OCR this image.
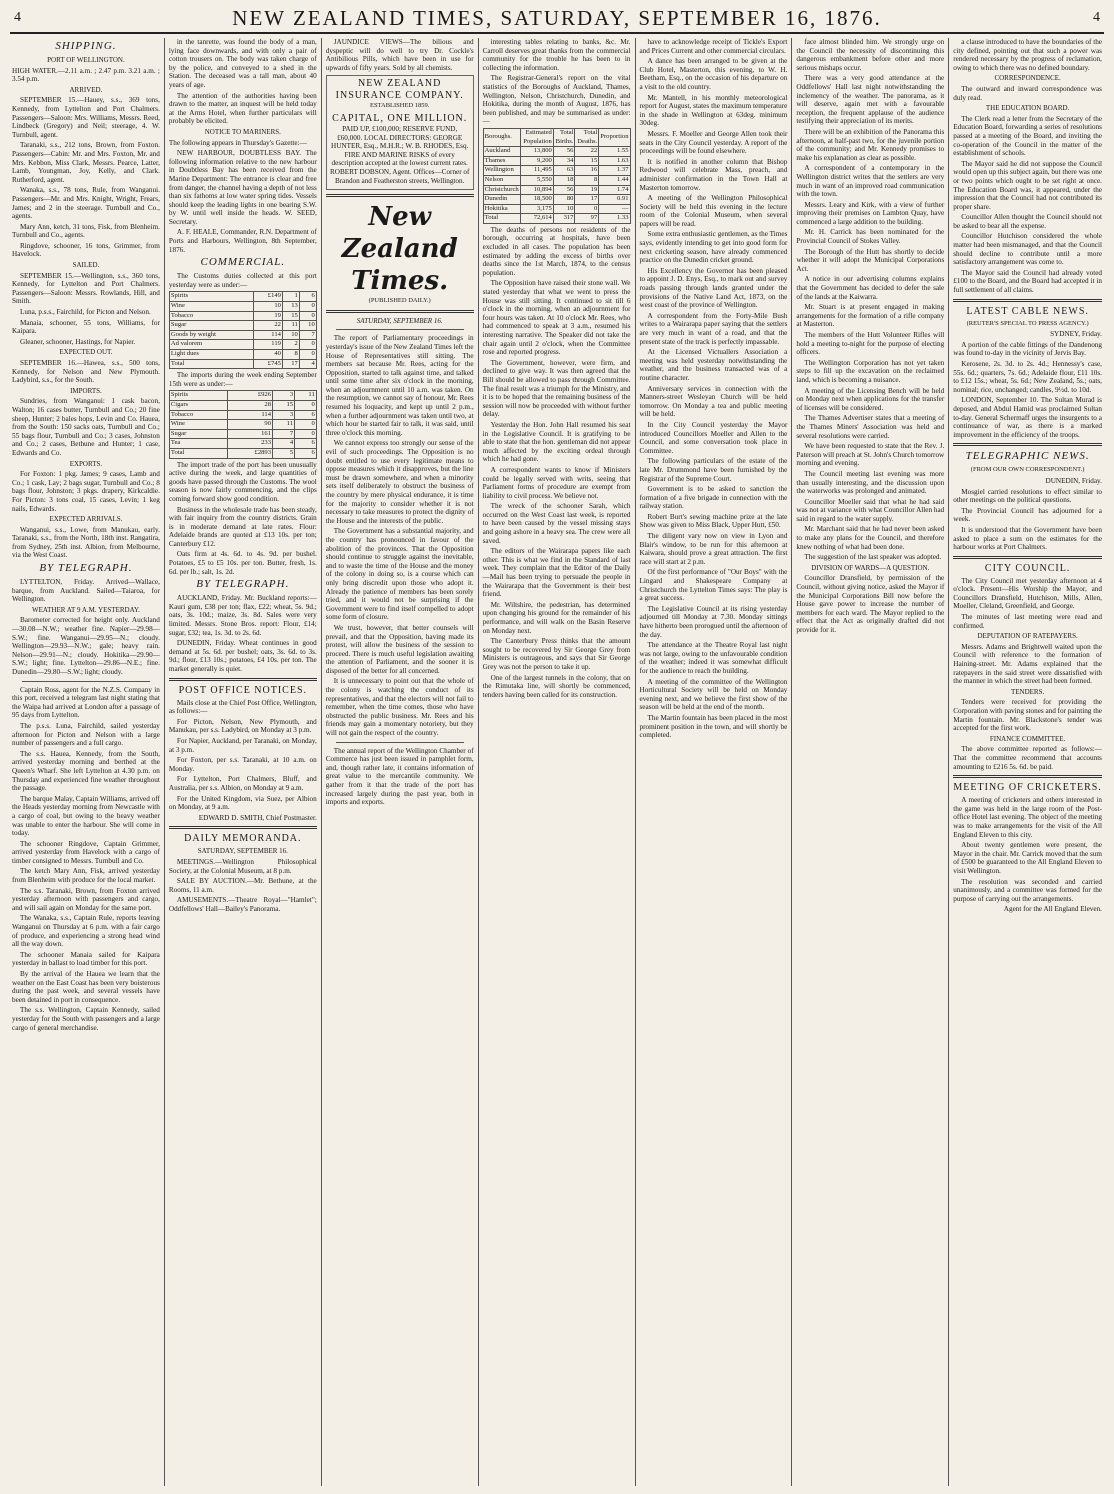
4	NEW ZEALAND TIMES, SATURDAY, SEPTEMBER 16, 1876.	4
SHIPPING.
PORT OF WELLINGTON.

HIGH WATER.—2.11 a.m. ; 2.47 p.m. 3.21 a.m. ; 3.54 p.m.

ARRIVED.

SEPTEMBER 15.—Hauey, s.s., 369 tons, Kennedy, from Lyttelton and Port Chalmers. Passengers—Saloon: Mrs. Williams, Messrs. Reed, Lindbeck (Gregory) and Neil; steerage, 4. W. Turnbull, agent.

Taranaki, s.s., 212 tons, Brown, from Foxton. Passengers—Cabin: Mr. and Mrs. Foxton, Mr. and Mrs. Kebbon, Miss Clark, Messrs. Pearce, Latter, Lamb, Youngman, Joy, Kelly, and Clark. Rutherford, agent.

Wanaka, s.s., 78 tons, Rule, from Wanganui. Passengers—Mr. and Mrs. Knight, Wright, Frears, James; and 2 in the steerage. Turnbull and Co., agents.

Mary Ann, ketch, 31 tons, Fisk, from Blenheim. Turnbull and Co., agents.

Ringdove, schooner, 16 tons, Grimmer, from Havelock.

SAILED.

SEPTEMBER 15.—Wellington, s.s., 360 tons, Kennedy, for Lyttelton and Port Chalmers. Passengers—Saloon: Messrs. Rowlands, Hill, and Smith.

Luna, p.s.s., Fairchild, for Picton and Nelson.

Manaia, schooner, 55 tons, Williams, for Kaipara.

Gleaner, schooner, Hastings, for Napier.

EXPECTED OUT.

SEPTEMBER 16.—Hawea, s.s., 500 tons, Kennedy, for Nelson and New Plymouth. Ladybird, s.s., for the South.

IMPORTS.

Sundries, from Wanganui: 1 cask bacon, Walton; 16 cases butter, Turnbull and Co.; 20 fine sheep, Hunter; 2 bales hops, Levin and Co. Hauea, from the South: 150 sacks oats, Turnbull and Co.; 55 bags flour, Turnbull and Co.; 3 cases, Johnston and Co.; 2 cases, Bethune and Hunter; 1 case, Edwards and Co.

EXPORTS.

For Foxton: 1 pkg. James; 9 cases, Lamb and Co.; 1 cask, Lay; 2 bags sugar, Turnbull and Co.; 8 bags flour, Johnston; 3 pkgs. drapery, Kirkcaldie. For Picton: 3 tons coal, 15 cases, Levin; 1 keg nails, Edwards.

EXPECTED ARRIVALS.

Wanganui, s.s., Lowe, from Manukau, early. Taranaki, s.s., from the North, 18th inst. Rangatira, from Sydney, 25th inst. Albion, from Melbourne, via the West Coast.

BY TELEGRAPH.

LYTTELTON, Friday. Arrived—Wallace, barque, from Auckland. Sailed—Taiaroa, for Wellington.

WEATHER AT 9 A.M. YESTERDAY.

Barometer corrected for height only. Auckland—30.08—N.W.; weather fine. Napier—29.98—S.W.; fine. Wanganui—29.95—N.; cloudy. Wellington—29.93—N.W.; gale; heavy rain. Nelson—29.91—N.; cloudy. Hokitika—29.90—S.W.; light; fine. Lyttelton—29.86—N.E.; fine. Dunedin—29.80—S.W.; light; cloudy.

Captain Ross, agent for the N.Z.S. Company in this port, received a telegram last night stating that the Waipa had arrived at London after a passage of 95 days from Lyttelton.

The p.s.s. Luna, Fairchild, sailed yesterday afternoon for Picton and Nelson with a large number of passengers and a full cargo.

The s.s. Hauea, Kennedy, from the South, arrived yesterday morning and berthed at the Queen's Wharf. She left Lyttelton at 4.30 p.m. on Thursday and experienced fine weather throughout the passage.

The barque Malay, Captain Williams, arrived off the Heads yesterday morning from Newcastle with a cargo of coal, but owing to the heavy weather was unable to enter the harbour. She will come in today.

The schooner Ringdove, Captain Grimmer, arrived yesterday from Havelock with a cargo of timber consigned to Messrs. Turnbull and Co.

The ketch Mary Ann, Fisk, arrived yesterday from Blenheim with produce for the local market.

The s.s. Taranaki, Brown, from Foxton arrived yesterday afternoon with passengers and cargo, and will sail again on Monday for the same port.

The Wanaka, s.s., Captain Rule, reports leaving Wanganui on Thursday at 6 p.m. with a fair cargo of produce, and experiencing a strong head wind all the way down.

The schooner Manaia sailed for Kaipara yesterday in ballast to load timber for this port.

By the arrival of the Hauea we learn that the weather on the East Coast has been very boisterous during the past week, and several vessels have been detained in port in consequence.

The s.s. Wellington, Captain Kennedy, sailed yesterday for the South with passengers and a large cargo of general merchandise.

in the tanrette, was found the body of a man, lying face downwards, and with only a pair of cotton trousers on. The body was taken charge of by the police, and conveyed to a shed in the Station. The deceased was a tall man, about 40 years of age.

The attention of the authorities having been drawn to the matter, an inquest will be held today at the Arms Hotel, when further particulars will probably be elicited.

NOTICE TO MARINERS.

The following appears in Thursday's Gazette:—

NEW HARBOUR, DOUBTLESS BAY. The following information relative to the new harbour in Doubtless Bay has been received from the Marine Department: The entrance is clear and free from danger, the channel having a depth of not less than six fathoms at low water spring tides. Vessels should keep the leading lights in one bearing S.W. by W. until well inside the heads. W. SEED, Secretary.

A. F. HEALE, Commander, R.N. Department of Ports and Harbours, Wellington, 8th September, 1876.

COMMERCIAL.

The Customs duties collected at this port yesterday were as under:—

Spirits	£149	1	6
Wine	10	13	0
Tobacco	19	15	0
Sugar	22	11	10
Goods by weight	114	10	7
Ad valorem	119	2	0
Light dues	40	8	0
Total	£745	17	4

The imports during the week ending September 15th were as under:—

Spirits	£926	3	11
Cigars	28	15	0
Tobacco	114	3	6
Wine	90	11	0
Sugar	161	7	0
Tea	233	4	6
Total	£2893	5	6

The import trade of the port has been unusually active during the week, and large quantities of goods have passed through the Customs. The wool season is now fairly commencing, and the clips coming forward show good condition.

Business in the wholesale trade has been steady, with fair inquiry from the country districts. Grain is in moderate demand at late rates. Flour: Adelaide brands are quoted at £13 10s. per ton; Canterbury £12.

Oats firm at 4s. 6d. to 4s. 9d. per bushel. Potatoes, £5 to £5 10s. per ton. Butter, fresh, 1s. 6d. per lb.; salt, 1s. 2d.

BY TELEGRAPH.

AUCKLAND, Friday. Mr. Buckland reports:—Kauri gum, £38 per ton; flax, £22; wheat, 5s. 9d.; oats, 3s. 10d.; maize, 3s. 8d. Sales were very limited. Messrs. Stone Bros. report: Flour, £14; sugar, £32; tea, 1s. 3d. to 2s. 6d.

DUNEDIN, Friday. Wheat continues in good demand at 5s. 6d. per bushel; oats, 3s. 6d. to 3s. 9d.; flour, £13 10s.; potatoes, £4 10s. per ton. The market generally is quiet.

POST OFFICE NOTICES.

Mails close at the Chief Post Office, Wellington, as follows:—

For Picton, Nelson, New Plymouth, and Manukau, per s.s. Ladybird, on Monday at 3 p.m.

For Napier, Auckland, per Taranaki, on Monday, at 3 p.m.

For Foxton, per s.s. Taranaki, at 10 a.m. on Monday.

For Lyttelton, Port Chalmers, Bluff, and Australia, per s.s. Albion, on Monday at 9 a.m.

For the United Kingdom, via Suez, per Albion on Monday, at 9 a.m.

EDWARD D. SMITH, Chief Postmaster.

DAILY MEMORANDA.
SATURDAY, SEPTEMBER 16.

MEETINGS.—Wellington Philosophical Society, at the Colonial Museum, at 8 p.m.

SALE BY AUCTION.—Mr. Bethune, at the Rooms, 11 a.m.

AMUSEMENTS.—Theatre Royal—"Hamlet"; Oddfellows' Hall—Bailey's Panorama.

JAUNDICE VIEWS—The bilious and dyspeptic will do well to try Dr. Cockle's Antibilious Pills, which have been in use for upwards of fifty years. Sold by all chemists.

NEW ZEALAND INSURANCE COMPANY.
ESTABLISHED 1859.
CAPITAL, ONE MILLION.

PAID UP, £100,000; RESERVE FUND, £60,000. LOCAL DIRECTORS: GEORGE HUNTER, Esq., M.H.R.; W. B. RHODES, Esq. FIRE AND MARINE RISKS of every description accepted at the lowest current rates. ROBERT DOBSON, Agent. Offices—Corner of Brandon and Featherston streets, Wellington.

New Zealand Times.
(PUBLISHED DAILY.)
SATURDAY, SEPTEMBER 16.

The report of Parliamentary proceedings in yesterday's issue of the New Zealand Times left the House of Representatives still sitting. The members sat because Mr. Rees, acting for the Opposition, started to talk against time, and talked until some time after six o'clock in the morning, when an adjournment until 10 a.m. was taken. On the resumption, we cannot say of honour, Mr. Rees resumed his loquacity, and kept up until 2 p.m., when a further adjournment was taken until two, at which hour he started fair to talk, it was said, until three o'clock this morning.

We cannot express too strongly our sense of the evil of such proceedings. The Opposition is no doubt entitled to use every legitimate means to oppose measures which it disapproves, but the line must be drawn somewhere, and when a minority sets itself deliberately to obstruct the business of the country by mere physical endurance, it is time for the majority to consider whether it is not necessary to take measures to protect the dignity of the House and the interests of the public.

The Government has a substantial majority, and the country has pronounced in favour of the abolition of the provinces. That the Opposition should continue to struggle against the inevitable, and to waste the time of the House and the money of the colony in doing so, is a course which can only bring discredit upon those who adopt it. Already the patience of members has been sorely tried, and it would not be surprising if the Government were to find itself compelled to adopt some form of closure.

We trust, however, that better counsels will prevail, and that the Opposition, having made its protest, will allow the business of the session to proceed. There is much useful legislation awaiting the attention of Parliament, and the sooner it is disposed of the better for all concerned.

It is unnecessary to point out that the whole of the colony is watching the conduct of its representatives, and that the electors will not fail to remember, when the time comes, those who have obstructed the public business. Mr. Rees and his friends may gain a momentary notoriety, but they will not gain the respect of the country.

The annual report of the Wellington Chamber of Commerce has just been issued in pamphlet form, and, though rather late, it contains information of great value to the mercantile community. We gather from it that the trade of the port has increased largely during the past year, both in imports and exports.

interesting tables relating to banks, &c. Mr. Carroll deserves great thanks from the commercial community for the trouble he has been to in collecting the information.

The Registrar-General's report on the vital statistics of the Boroughs of Auckland, Thames, Wellington, Nelson, Christchurch, Dunedin, and Hokitika, during the month of August, 1876, has been published, and may be summarised as under:—

Boroughs.	Estimated Population	Total Births.	Total Deaths.	Proportion
Auckland	13,800	56	22	1.55
Thames	9,200	34	15	1.63
Wellington	11,495	63	16	1.37
Nelson	5,550	18	8	1.44
Christchurch	10,894	56	19	1.74
Dunedin	18,500	80	17	0.91
Hokitika	3,175	10	0	—
Total	72,614	317	97	1.33

The deaths of persons not residents of the borough, occurring at hospitals, have been excluded in all cases. The population has been estimated by adding the excess of births over deaths since the 1st March, 1874, to the census population.

The Opposition have raised their stone wall. We stated yesterday that what we went to press the House was still sitting. It continued to sit till 6 o'clock in the morning, when an adjournment for four hours was taken. At 10 o'clock Mr. Rees, who had commenced to speak at 3 a.m., resumed his interesting narrative. The Speaker did not take the chair again until 2 o'clock, when the Committee rose and reported progress.

The Government, however, were firm, and declined to give way. It was then agreed that the Bill should be allowed to pass through Committee. The final result was a triumph for the Ministry, and it is to be hoped that the remaining business of the session will now be proceeded with without further delay.

Yesterday the Hon. John Hall resumed his seat in the Legislative Council. It is gratifying to be able to state that the hon. gentleman did not appear much affected by the exciting ordeal through which he had gone.

A correspondent wants to know if Ministers could be legally served with writs, seeing that Parliament forms of procedure are exempt from liability to civil process. We believe not.

The wreck of the schooner Sarah, which occurred on the West Coast last week, is reported to have been caused by the vessel missing stays and going ashore in a heavy sea. The crew were all saved.

The editors of the Wairarapa papers like each other. This is what we find in the Standard of last week. They complain that the Editor of the Daily—Mail has been trying to persuade the people in the Wairarapa that the Government is their best friend.

Mr. Wiltshire, the pedestrian, has determined upon changing his ground for the remainder of his performance, and will walk on the Basin Reserve on Monday next.

The Canterbury Press thinks that the amount sought to be recovered by Sir George Grey from Ministers is outrageous, and says that Sir George Grey was not the person to take it up.

One of the largest tunnels in the colony, that on the Rimutaka line, will shortly be commenced, tenders having been called for its construction.

have to acknowledge receipt of Tickle's Export and Prices Current and other commercial circulars.

A dance has been arranged to be given at the Club Hotel, Masterton, this evening, to W. H. Beetham, Esq., on the occasion of his departure on a visit to the old country.

Mr. Mantell, in his monthly meteorological report for August, states the maximum temperature in the shade in Wellington at 63deg. minimum 30deg.

Messrs. F. Moeller and George Allen took their seats in the City Council yesterday. A report of the proceedings will be found elsewhere.

It is notified in another column that Bishop Redwood will celebrate Mass, preach, and administer confirmation in the Town Hall at Masterton tomorrow.

A meeting of the Wellington Philosophical Society will be held this evening in the lecture room of the Colonial Museum, when several papers will be read.

Some extra enthusiastic gentlemen, as the Times says, evidently intending to get into good form for next cricketing season, have already commenced practice on the Dunedin cricket ground.

His Excellency the Governor has been pleased to appoint J. D. Enys, Esq., to mark out and survey roads passing through lands granted under the provisions of the Native Land Act, 1873, on the west coast of the province of Wellington.

A correspondent from the Forty-Mile Bush writes to a Wairarapa paper saying that the settlers are very much in want of a road, and that the present state of the track is perfectly impassable.

At the Licensed Victuallers Association a meeting was held yesterday notwithstanding the weather, and the business transacted was of a routine character.

Anniversary services in connection with the Manners-street Wesleyan Church will be held tomorrow. On Monday a tea and public meeting will be held.

In the City Council yesterday the Mayor introduced Councillors Moeller and Allen to the Council, and some conversation took place in Committee.

The following particulars of the estate of the late Mr. Drummond have been furnished by the Registrar of the Supreme Court.

Government is to be asked to sanction the formation of a five brigade in connection with the railway station.

Robert Burt's sewing machine prize at the late Show was given to Miss Black, Upper Hutt, £50.

The diligent vary now on view in Lyon and Blair's window, to be run for this afternoon at Kaiwara, should prove a great attraction. The first race will start at 2 p.m.

Of the first performance of "Our Boys" with the Lingard and Shakespeare Company at Christchurch the Lyttelton Times says: The play is a great success.

The Legislative Council at its rising yesterday adjourned till Monday at 7.30. Monday sittings have hitherto been prorogued until the afternoon of the day.

The attendance at the Theatre Royal last night was not large, owing to the unfavourable condition of the weather; indeed it was somewhat difficult for the audience to reach the building.

A meeting of the committee of the Wellington Horticultural Society will be held on Monday evening next, and we believe the first show of the season will be held at the end of the month.

The Martin fountain has been placed in the most prominent position in the town, and will shortly be completed.

face almost blinded him. We strongly urge on the Council the necessity of discontinuing this dangerous embankment before other and more serious mishaps occur.

There was a very good attendance at the Oddfellows' Hall last night notwithstanding the inclemency of the weather. The panorama, as it will deserve, again met with a favourable reception, the frequent applause of the audience testifying their appreciation of its merits.

There will be an exhibition of the Panorama this afternoon, at half-past two, for the juvenile portion of the community; and Mr. Kennedy promises to make his explanation as clear as possible.

A correspondent of a contemporary in the Wellington district writes that the settlers are very much in want of an improved road communication with the town.

Messrs. Leary and Kirk, with a view of further improving their premises on Lambton Quay, have commenced a large addition to the building.

Mr. H. Carrick has been nominated for the Provincial Council of Stokes Valley.

The Borough of the Hutt has shortly to decide whether it will adopt the Municipal Corporations Act.

A notice in our advertising columns explains that the Government has decided to defer the sale of the lands at the Kaiwarra.

Mr. Stuart is at present engaged in making arrangements for the formation of a rifle company at Masterton.

The members of the Hutt Volunteer Rifles will hold a meeting to-night for the purpose of electing officers.

The Wellington Corporation has not yet taken steps to fill up the excavation on the reclaimed land, which is becoming a nuisance.

A meeting of the Licensing Bench will be held on Monday next when applications for the transfer of licenses will be considered.

The Thames Advertiser states that a meeting of the Thames Miners' Association was held and several resolutions were carried.

We have been requested to state that the Rev. J. Paterson will preach at St. John's Church tomorrow morning and evening.

The Council meeting last evening was more than usually interesting, and the discussion upon the waterworks was prolonged and animated.

Councillor Moeller said that what he had said was not at variance with what Councillor Allen had said in regard to the water supply.

Mr. Marchant said that he had never been asked to make any plans for the Council, and therefore knew nothing of what had been done.

The suggestion of the last speaker was adopted.

DIVISION OF WARDS—A QUESTION.

Councillor Dransfield, by permission of the Council, without giving notice, asked the Mayor if the Municipal Corporations Bill now before the House gave power to increase the number of members for each ward. The Mayor replied to the effect that the Act as originally drafted did not provide for it.

a clause introduced to have the boundaries of the city defined, pointing out that such a power was rendered necessary by the progress of reclamation, owing to which there was no defined boundary.

CORRESPONDENCE.

The outward and inward correspondence was duly read.

THE EDUCATION BOARD.

The Clerk read a letter from the Secretary of the Education Board, forwarding a series of resolutions passed at a meeting of the Board, and inviting the co-operation of the Council in the matter of the establishment of schools.

The Mayor said he did not suppose the Council would open up this subject again, but there was one or two points which ought to be set right at once. The Education Board was, it appeared, under the impression that the Council had not contributed its proper share.

Councillor Allen thought the Council should not be asked to bear all the expense.

Councillor Hutchison considered the whole matter had been mismanaged, and that the Council should decline to contribute until a more satisfactory arrangement was come to.

The Mayor said the Council had already voted £100 to the Board, and the Board had accepted it in full settlement of all claims.

LATEST CABLE NEWS.
(REUTER'S SPECIAL TO PRESS AGENCY.)

SYDNEY, Friday.

A portion of the cable fittings of the Dandenong was found to-day in the vicinity of Jervis Bay.

Kerosene, 2s. 3d. to 2s. 4d.; Hennessy's case, 55s. 6d.; quarters, 7s. 6d.; Adelaide flour, £11 10s. to £12 15s.; wheat, 5s. 6d.; New Zealand, 5s.; oats, nominal; rice, unchanged; candles, 9½d. to 10d.

LONDON, September 10. The Sultan Murad is deposed, and Abdul Hamid was proclaimed Sultan to-day. General Schermaff urges the insurgents to a continuance of war, as there is a marked improvement in the efficiency of the troops.

TELEGRAPHIC NEWS.
(FROM OUR OWN CORRESPONDENT.)

DUNEDIN, Friday.

Mosgiel carried resolutions to effect similar to other meetings on the political questions.

The Provincial Council has adjourned for a week.

It is understood that the Government have been asked to place a sum on the estimates for the harbour works at Port Chalmers.

CITY COUNCIL.

The City Council met yesterday afternoon at 4 o'clock. Present—His Worship the Mayor, and Councillors Dransfield, Hutchison, Mills, Allen, Moeller, Cleland, Greenfield, and George.

The minutes of last meeting were read and confirmed.

DEPUTATION OF RATEPAYERS.

Messrs. Adams and Brightwell waited upon the Council with reference to the formation of Haining-street. Mr. Adams explained that the ratepayers in the said street were dissatisfied with the manner in which the street had been formed.

TENDERS.

Tenders were received for providing the Corporation with paving stones and for painting the Martin fountain. Mr. Blackstone's tender was accepted for the first work.

FINANCE COMMITTEE.

The above committee reported as follows:—That the committee recommend that accounts amounting to £216 5s. 6d. be paid.

MEETING OF CRICKETERS.

A meeting of cricketers and others interested in the game was held in the large room of the Post-office Hotel last evening. The object of the meeting was to make arrangements for the visit of the All England Eleven to this city.

About twenty gentlemen were present, the Mayor in the chair. Mr. Carrick moved that the sum of £500 be guaranteed to the All England Eleven to visit Wellington.

The resolution was seconded and carried unanimously, and a committee was formed for the purpose of carrying out the arrangements.

Agent for the All England Eleven.
